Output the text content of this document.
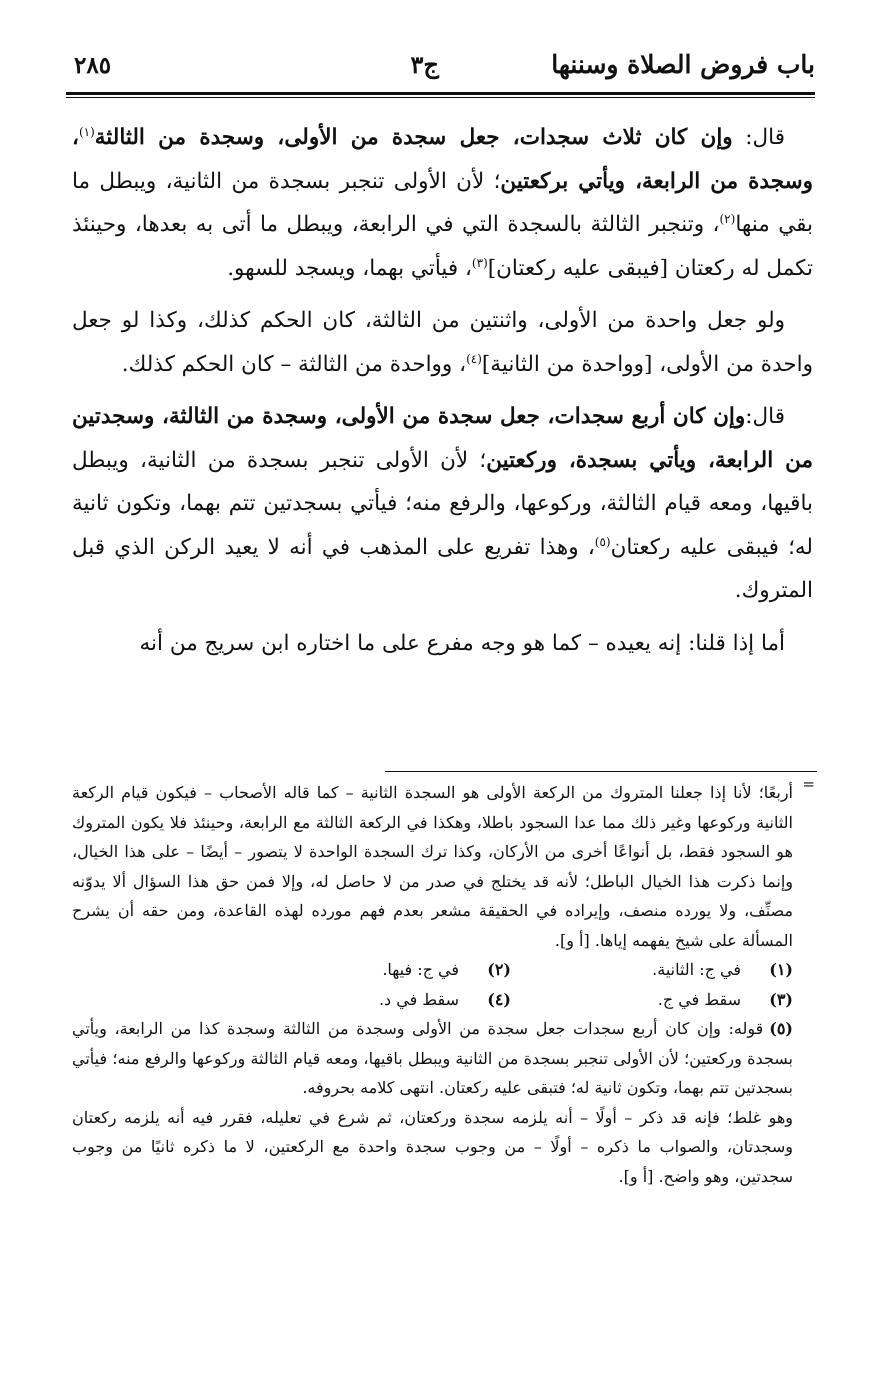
باب فروض الصلاة وسننها
ج٣
٢٨٥

قال: وإن كان ثلاث سجدات، جعل سجدة من الأولى، وسجدة من الثالثة$^{(١)}$، وسجدة من الرابعة، ويأتي بركعتين؛ لأن الأولى تنجبر بسجدة من الثانية، ويبطل ما بقي منها$^{(٢)}$، وتنجبر الثالثة بالسجدة التي في الرابعة، ويبطل ما أتى به بعدها، وحينئذ تكمل له ركعتان [فيبقى عليه ركعتان]$^{(٣)}$، فيأتي بهما، ويسجد للسهو.

ولو جعل واحدة من الأولى، واثنتين من الثالثة، كان الحكم كذلك، وكذا لو جعل واحدة من الأولى، [وواحدة من الثانية]$^{(٤)}$، وواحدة من الثالثة – كان الحكم كذلك.

قال:وإن كان أربع سجدات، جعل سجدة من الأولى، وسجدة من الثالثة، وسجدتين من الرابعة، ويأتي بسجدة، وركعتين؛ لأن الأولى تنجبر بسجدة من الثانية، ويبطل باقيها، ومعه قيام الثالثة، وركوعها، والرفع منه؛ فيأتي بسجدتين تتم بهما، وتكون ثانية له؛ فيبقى عليه ركعتان$^{(٥)}$، وهذا تفريع على المذهب في أنه لا يعيد الركن الذي قبل المتروك.

أما إذا قلنا: إنه يعيده – كما هو وجه مفرع على ما اختاره ابن سريج من أنه

=

أربعًا؛ لأنا إذا جعلنا المتروك من الركعة الأولى هو السجدة الثانية – كما قاله الأصحاب – فيكون قيام الركعة الثانية وركوعها وغير ذلك مما عدا السجود باطلا، وهكذا في الركعة الثالثة مع الرابعة، وحينئذ فلا يكون المتروك هو السجود فقط، بل أنواعًا أخرى من الأركان، وكذا ترك السجدة الواحدة لا يتصور – أيضًا – على هذا الخيال، وإنما ذكرت هذا الخيال الباطل؛ لأنه قد يختلج في صدر من لا حاصل له، وإلا فمن حق هذا السؤال ألا يدوّنه مصنِّف، ولا يورده منصف، وإيراده في الحقيقة مشعر بعدم فهم مورده لهذه القاعدة، ومن حقه أن يشرح المسألة على شيخ يفهمه إياها. [أ و].

(١)	في ج: الثانية.	(٢)	في ج: فيها.
(٣)	سقط في ج.	(٤)	سقط في د.

(٥)قوله: وإن كان أربع سجدات جعل سجدة من الأولى وسجدة من الثالثة وسجدة كذا من الرابعة، ويأتي بسجدة وركعتين؛ لأن الأولى تنجبر بسجدة من الثانية ويبطل باقيها، ومعه قيام الثالثة وركوعها والرفع منه؛ فيأتي بسجدتين تتم بهما، وتكون ثانية له؛ فتبقى عليه ركعتان. انتهى كلامه بحروفه.

وهو غلط؛ فإنه قد ذكر – أولًا – أنه يلزمه سجدة وركعتان، ثم شرع في تعليله، فقرر فيه أنه يلزمه ركعتان وسجدتان، والصواب ما ذكره – أولًا – من وجوب سجدة واحدة مع الركعتين، لا ما ذكره ثانيًا من وجوب سجدتين، وهو واضح. [أ و].
